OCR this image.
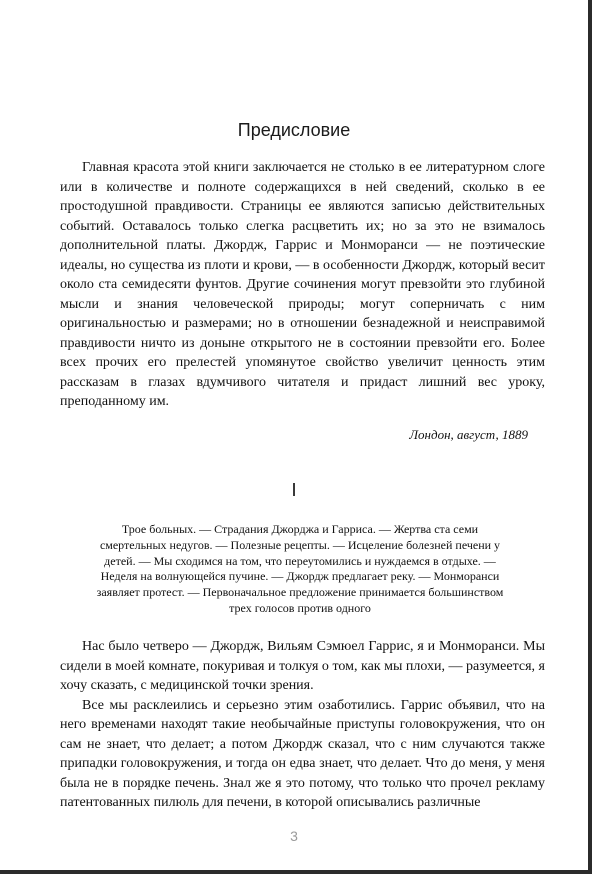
Предисловие

Главная красота этой книги заключается не столько в ее литературном слоге или в количестве и полноте содержащихся в ней сведений, сколько в ее простодушной правдивости. Страницы ее являются записью действительных событий. Оставалось только слегка расцветить их; но за это не взималось дополнительной платы. Джордж, Гаррис и Монморанси — не поэтические идеалы, но существа из плоти и крови, — в особенности Джордж, который весит около ста семидесяти фунтов. Другие сочинения могут превзойти это глубиной мысли и знания человеческой природы; могут соперничать с ним оригинальностью и размерами; но в отношении безнадежной и неисправимой правдивости ничто из доныне открытого не в состоянии превзойти его. Более всех прочих его прелестей упомянутое свойство увеличит ценность этим рассказам в глазах вдумчивого читателя и придаст лишний вес уроку, преподанному им.

Лондон, август, 1889
I
Трое больных. — Страдания Джорджа и Гарриса. — Жертва ста семи смертельных недугов. — Полезные рецепты. — Исцеление болезней печени у детей. — Мы сходимся на том, что переутомились и нуждаемся в отдыхе. — Неделя на волнующейся пучине. — Джордж предлагает реку. — Монморанси заявляет протест. — Первоначальное предложение принимается большинством трех голосов против одного

Нас было четверо — Джордж, Вильям Сэмюел Гаррис, я и Монморанси. Мы сидели в моей комнате, покуривая и толкуя о том, как мы плохи, — разумеется, я хочу сказать, с медицинской точки зрения.

Все мы расклеились и серьезно этим озаботились. Гаррис объявил, что на него временами находят такие необычайные приступы головокружения, что он сам не знает, что делает; а потом Джордж сказал, что с ним случаются также припадки головокружения, и тогда он едва знает, что делает. Что до меня, у меня была не в порядке печень. Знал же я это потому, что только что прочел рекламу патентованных пилюль для печени, в которой описывались различные

3
